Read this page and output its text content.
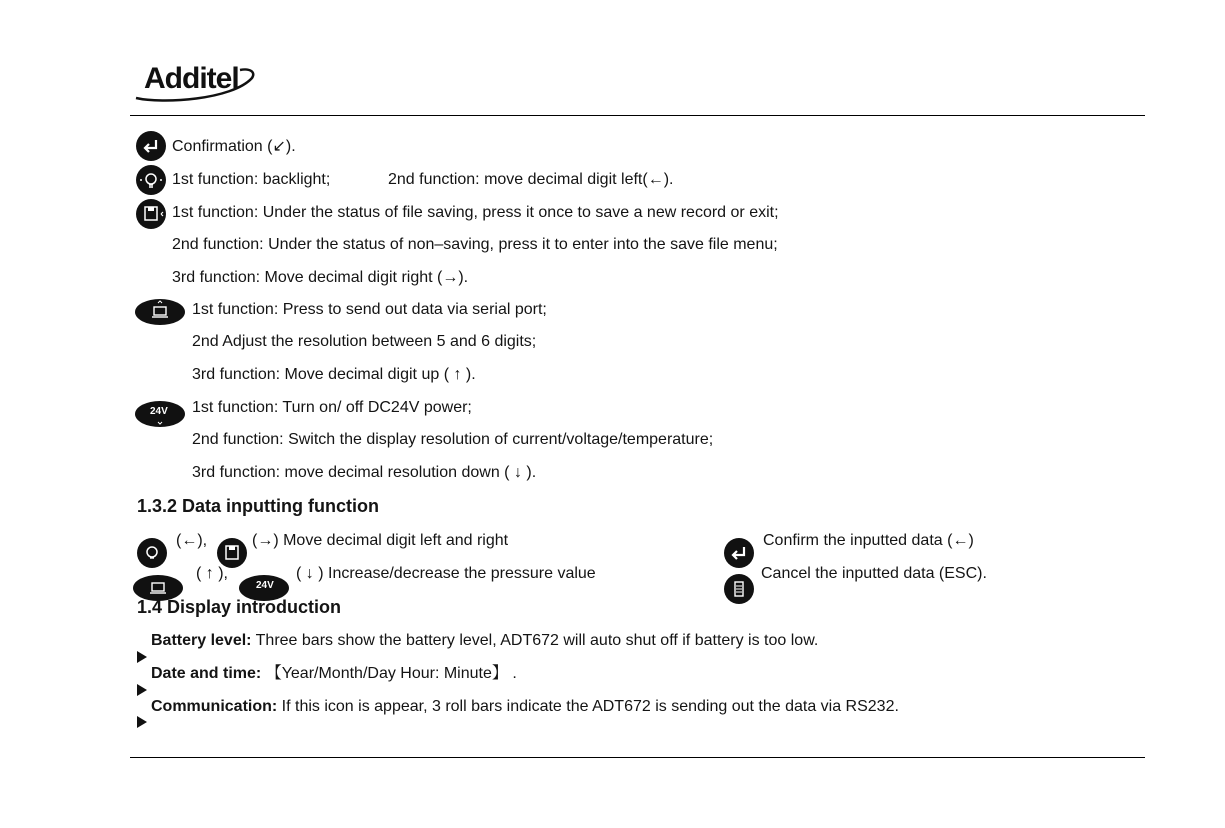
Additel
Confirmation (↙).
1st function: backlight;	2nd function: move decimal digit left(←).
1st function: Under the status of file saving, press it once to save a new record or exit;
2nd function: Under the status of non–saving, press it to enter into the save file menu;
3rd function: Move decimal digit right (→).
1st function: Press to send out data via serial port;
2nd Adjust the resolution between 5 and 6 digits;
3rd function: Move decimal digit up ( ↑ ).
24V 1st function: Turn on/ off DC24V power;
2nd function: Switch the display resolution of current/voltage/temperature;
3rd function: move decimal resolution down ( ↓ ).
1.3.2 Data inputting function
(←),	(→) Move decimal digit left and right
( ↑ ),
24V
( ↓ ) Increase/decrease the pressure value
Confirm the inputted data (←)
Cancel the inputted data (ESC).
1.4 Display introduction
Battery level: Three bars show the battery level, ADT672 will auto shut off if battery is too low.
Date and time: 【Year/Month/Day Hour: Minute】 .
Communication: If this icon is appear, 3 roll bars indicate the ADT672 is sending out the data via RS232.
